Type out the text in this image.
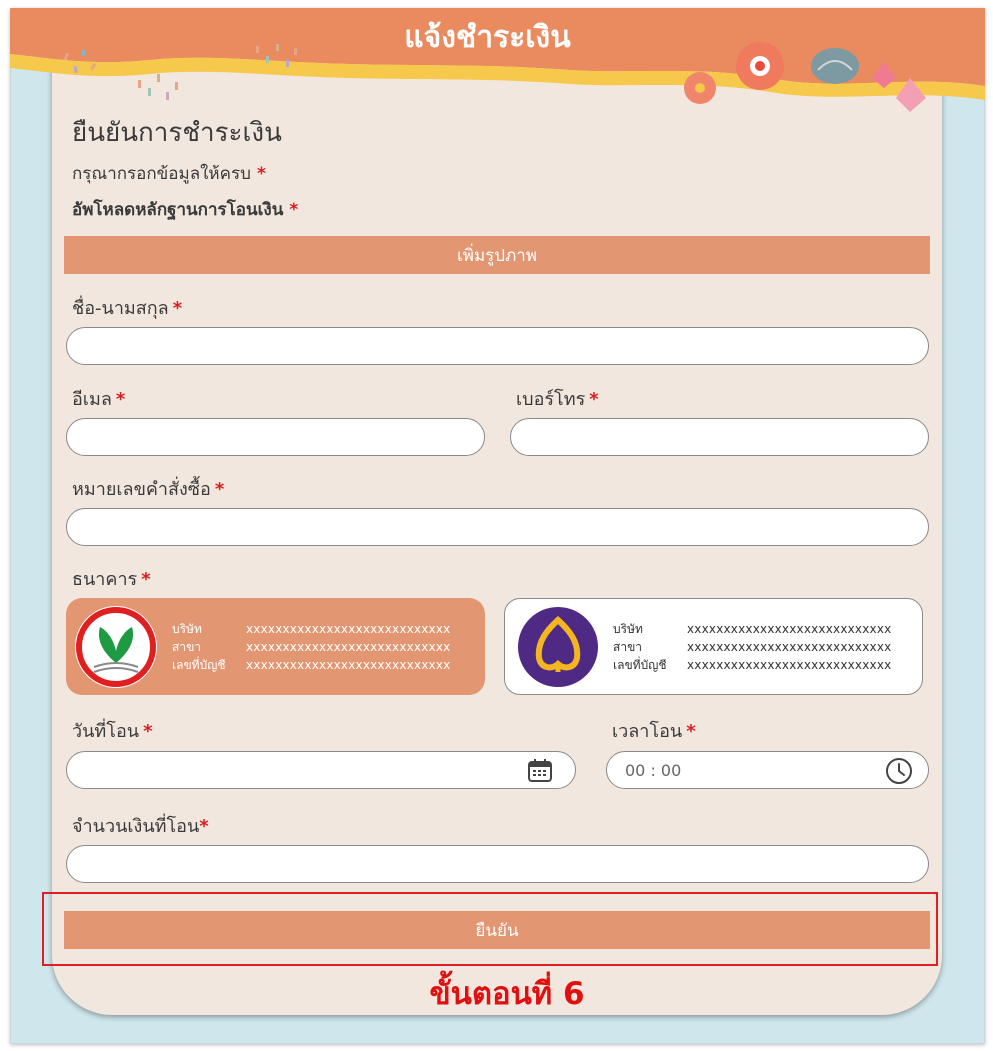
แจ้งชำระเงิน
ยืนยันการชำระเงิน
กรุณากรอกข้อมูลให้ครบ *
อัพโหลดหลักฐานการโอนเงิน *
เพิ่มรูปภาพ
ชื่อ-นามสกุล *
อีเมล *	เบอร์โทร *
หมายเลขคำสั่งซื้อ *
ธนาคาร *
บริษัท	xxxxxxxxxxxxxxxxxxxxxxxxxxxx
สาขา	xxxxxxxxxxxxxxxxxxxxxxxxxxxx
เลขที่บัญชี	xxxxxxxxxxxxxxxxxxxxxxxxxxxx
บริษัท	xxxxxxxxxxxxxxxxxxxxxxxxxxxx
สาขา	xxxxxxxxxxxxxxxxxxxxxxxxxxxx
เลขที่บัญชี	xxxxxxxxxxxxxxxxxxxxxxxxxxxx
วันที่โอน *	เวลาโอน *
00 : 00
จำนวนเงินที่โอน*
ยืนยัน
ขั้นตอนที่ 6
